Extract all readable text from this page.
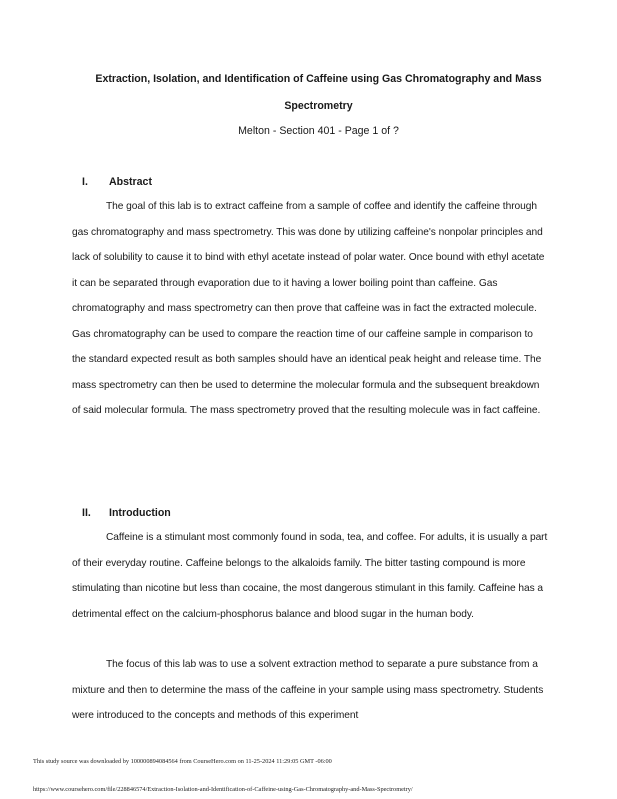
Extraction, Isolation, and Identification of Caffeine using Gas Chromatography and Mass

Spectrometry

Melton - Section 401 - Page 1 of ?

I. Abstract

The goal of this lab is to extract caffeine from a sample of coffee and identify the caffeine through gas chromatography and mass spectrometry. This was done by utilizing caffeine's nonpolar principles and lack of solubility to cause it to bind with ethyl acetate instead of polar water. Once bound with ethyl acetate it can be separated through evaporation due to it having a lower boiling point than caffeine. Gas chromatography and mass spectrometry can then prove that caffeine was in fact the extracted molecule. Gas chromatography can be used to compare the reaction time of our caffeine sample in comparison to the standard expected result as both samples should have an identical peak height and release time. The mass spectrometry can then be used to determine the molecular formula and the subsequent breakdown of said molecular formula. The mass spectrometry proved that the resulting molecule was in fact caffeine.

II. Introduction

Caffeine is a stimulant most commonly found in soda, tea, and coffee. For adults, it is usually a part of their everyday routine. Caffeine belongs to the alkaloids family. The bitter tasting compound is more stimulating than nicotine but less than cocaine, the most dangerous stimulant in this family. Caffeine has a detrimental effect on the calcium-phosphorus balance and blood sugar in the human body.

The focus of this lab was to use a solvent extraction method to separate a pure substance from a mixture and then to determine the mass of the caffeine in your sample using mass spectrometry. Students were introduced to the concepts and methods of this experiment

This study source was downloaded by 100000894084564 from CourseHero.com on 11-25-2024 11:29:05 GMT -06:00
https://www.coursehero.com/file/228846574/Extraction-Isolation-and-Identification-of-Caffeine-using-Gas-Chromatography-and-Mass-Spectrometry/
